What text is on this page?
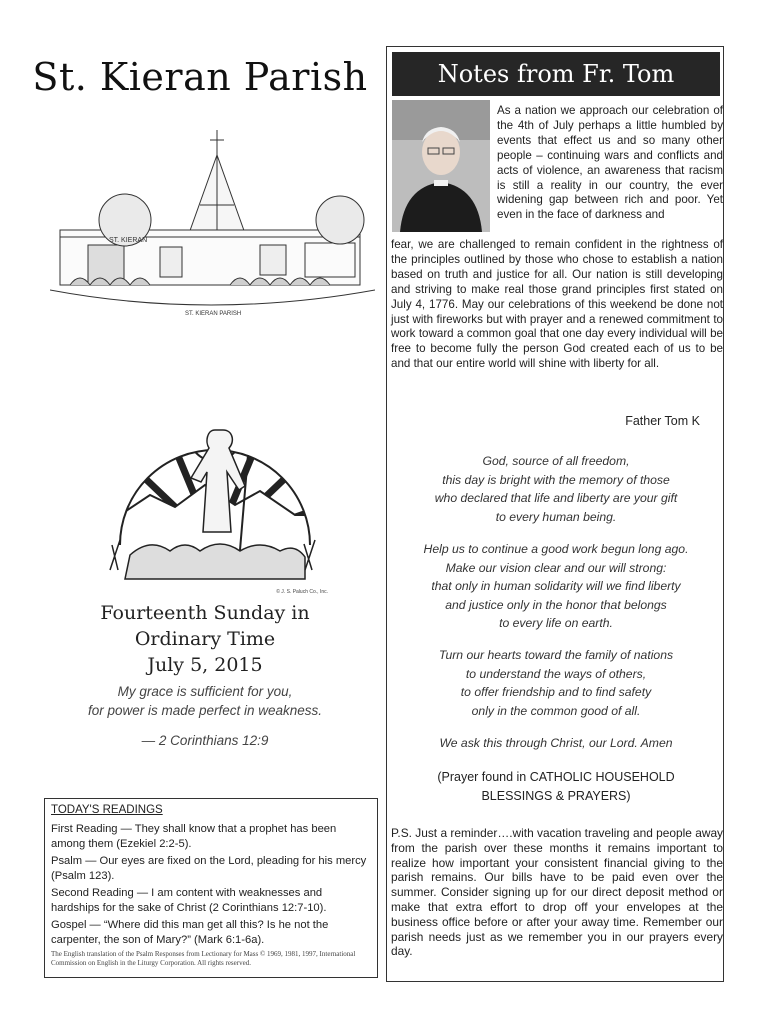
St. Kieran Parish
ST. KIERAN
ST. KIERAN PARISH
© J. S. Paluch Co., Inc.
Fourteenth Sunday in
Ordinary Time
July 5, 2015
My grace is sufficient for you,
for power is made perfect in weakness.
— 2 Corinthians 12:9
TODAY'S READINGS

First Reading — They shall know that a prophet has been among them (Ezekiel 2:2-5).

Psalm — Our eyes are fixed on the Lord, pleading for his mercy (Psalm 123).

Second Reading — I am content with weaknesses and hardships for the sake of Christ (2 Corinthians 12:7-10).

Gospel — “Where did this man get all this? Is he not the carpenter, the son of Mary?” (Mark 6:1-6a).

The English translation of the Psalm Responses from Lectionary for Mass © 1969, 1981, 1997, International Commission on English in the Liturgy Corporation. All rights reserved.
Notes from Fr. Tom
As a nation we approach our celebration of the 4th of July perhaps a little humbled by events that effect us and so many other people – continuing wars and conflicts and acts of violence, an awareness that racism is still a reality in our country, the ever widening gap between rich and poor. Yet even in the face of darkness and
fear, we are challenged to remain confident in the rightness of the principles outlined by those who chose to establish a nation based on truth and justice for all. Our nation is still developing and striving to make real those grand principles first stated on July 4, 1776. May our celebrations of this weekend be done not just with fireworks but with prayer and a renewed commitment to work toward a common goal that one day every individual will be free to become fully the person God created each of us to be and that our entire world will shine with liberty for all.
Father Tom K
God, source of all freedom,
this day is bright with the memory of those
who declared that life and liberty are your gift
to every human being.
Help us to continue a good work begun long ago.
Make our vision clear and our will strong:
that only in human solidarity will we find liberty
and justice only in the honor that belongs
to every life on earth.
Turn our hearts toward the family of nations
to understand the ways of others,
to offer friendship and to find safety
only in the common good of all.
We ask this through Christ, our Lord. Amen
(Prayer found in CATHOLIC HOUSEHOLD
BLESSINGS & PRAYERS)
P.S. Just a reminder….with vacation traveling and people away from the parish over these months it remains important to realize how important your consistent financial giving to the parish remains. Our bills have to be paid even over the summer. Consider signing up for our direct deposit method or make that extra effort to drop off your envelopes at the business office before or after your away time. Remember our parish needs just as we remember you in our prayers every day.
